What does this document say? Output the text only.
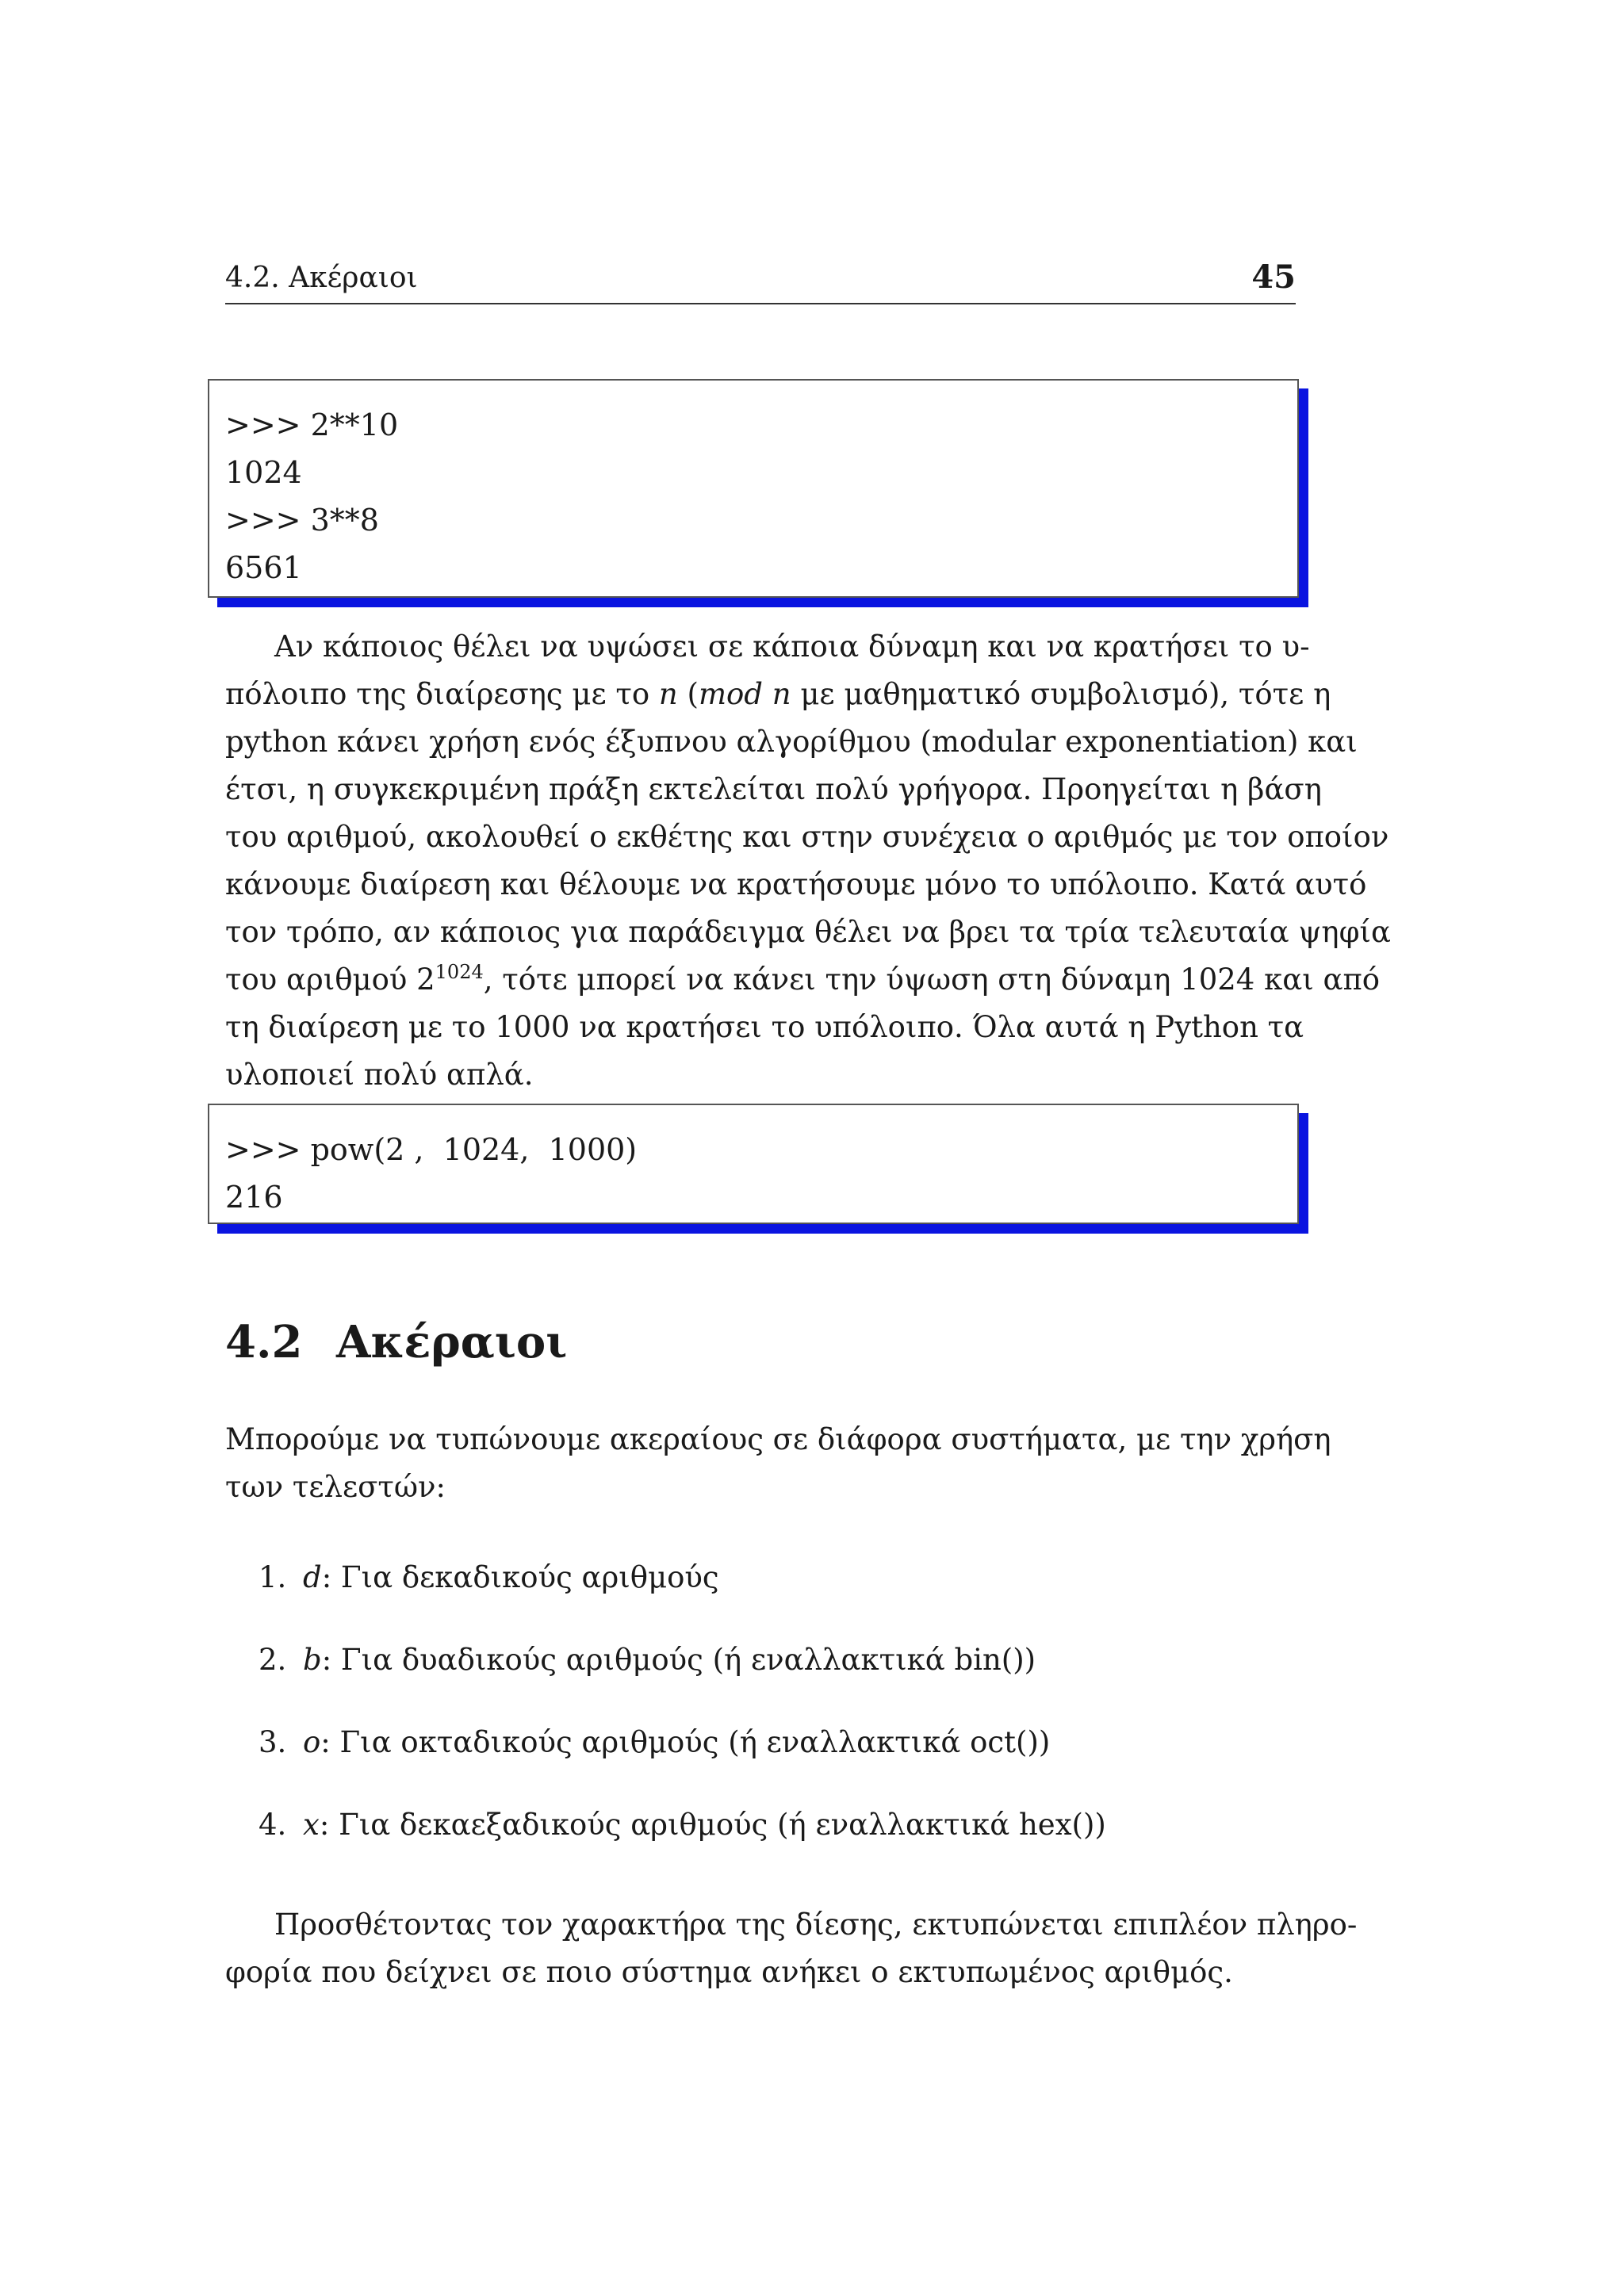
4.2. Ακέραιοι	45
>>> 2**10
1024
>>> 3**8
6561
Αν κάποιος θέλει να υψώσει σε κάποια δύναμη και να κρατήσει το υ-
πόλοιπο της διαίρεσης με το n (mod n με μαθηματικό συμβολισμό), τότε η
python κάνει χρήση ενός έξυπνου αλγορίθμου (modular exponentiation) και
έτσι, η συγκεκριμένη πράξη εκτελείται πολύ γρήγορα. Προηγείται η βάση
του αριθμού, ακολουθεί ο εκθέτης και στην συνέχεια ο αριθμός με τον οποίον
κάνουμε διαίρεση και θέλουμε να κρατήσουμε μόνο το υπόλοιπο. Κατά αυτό
τον τρόπο, αν κάποιος για παράδειγμα θέλει να βρει τα τρία τελευταία ψηφία
του αριθμού $2^{1024}$, τότε μπορεί να κάνει την ύψωση στη δύναμη 1024 και από
τη διαίρεση με το 1000 να κρατήσει το υπόλοιπο. Όλα αυτά η Python τα
υλοποιεί πολύ απλά.
>>> pow(2 ,  1024,  1000)
216
4.2 Ακέραιοι
Μπορούμε να τυπώνουμε ακεραίους σε διάφορα συστήματα, με την χρήση
των τελεστών:
1. d: Για δεκαδικούς αριθμούς
2. b: Για δυαδικούς αριθμούς (ή εναλλακτικά bin())
3. o: Για οκταδικούς αριθμούς (ή εναλλακτικά oct())
4. x: Για δεκαεξαδικούς αριθμούς (ή εναλλακτικά hex())
Προσθέτοντας τον χαρακτήρα της δίεσης, εκτυπώνεται επιπλέον πληρο-
φορία που δείχνει σε ποιο σύστημα ανήκει ο εκτυπωμένος αριθμός.
